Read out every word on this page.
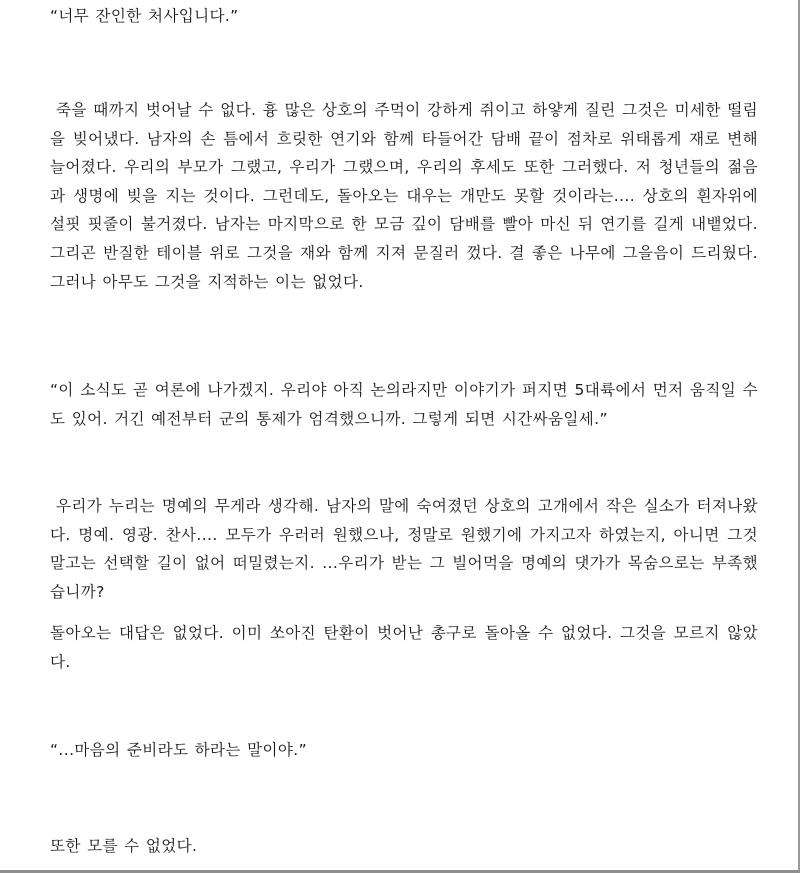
“너무 잔인한 처사입니다.”

죽을 때까지 벗어날 수 없다. 흉 많은 상호의 주먹이 강하게 쥐이고 하얗게 질린 그것은 미세한 떨림을 빚어냈다. 남자의 손 틈에서 흐릿한 연기와 함께 타들어간 담배 끝이 점차로 위태롭게 재로 변해 늘어졌다. 우리의 부모가 그랬고, 우리가 그랬으며, 우리의 후세도 또한 그러했다. 저 청년들의 젊음과 생명에 빚을 지는 것이다. 그런데도, 돌아오는 대우는 개만도 못할 것이라는.... 상호의 흰자위에 설핏 핏줄이 불거졌다. 남자는 마지막으로 한 모금 깊이 담배를 빨아 마신 뒤 연기를 길게 내뱉었다. 그리곤 반질한 테이블 위로 그것을 재와 함께 지져 문질러 껐다. 결 좋은 나무에 그을음이 드리웠다. 그러나 아무도 그것을 지적하는 이는 없었다.

“이 소식도 곧 여론에 나가겠지. 우리야 아직 논의라지만 이야기가 퍼지면 5대륙에서 먼저 움직일 수도 있어. 거긴 예전부터 군의 통제가 엄격했으니까. 그렇게 되면 시간싸움일세.”

우리가 누리는 명예의 무게라 생각해. 남자의 말에 숙여졌던 상호의 고개에서 작은 실소가 터져나왔다. 명예. 영광. 찬사.... 모두가 우러러 원했으나, 정말로 원했기에 가지고자 하였는지, 아니면 그것 말고는 선택할 길이 없어 떠밀렸는지. ...우리가 받는 그 빌어먹을 명예의 댓가가 목숨으로는 부족했습니까?

돌아오는 대답은 없었다. 이미 쏘아진 탄환이 벗어난 총구로 돌아올 수 없었다. 그것을 모르지 않았다.

“...마음의 준비라도 하라는 말이야.”

또한 모를 수 없었다.
